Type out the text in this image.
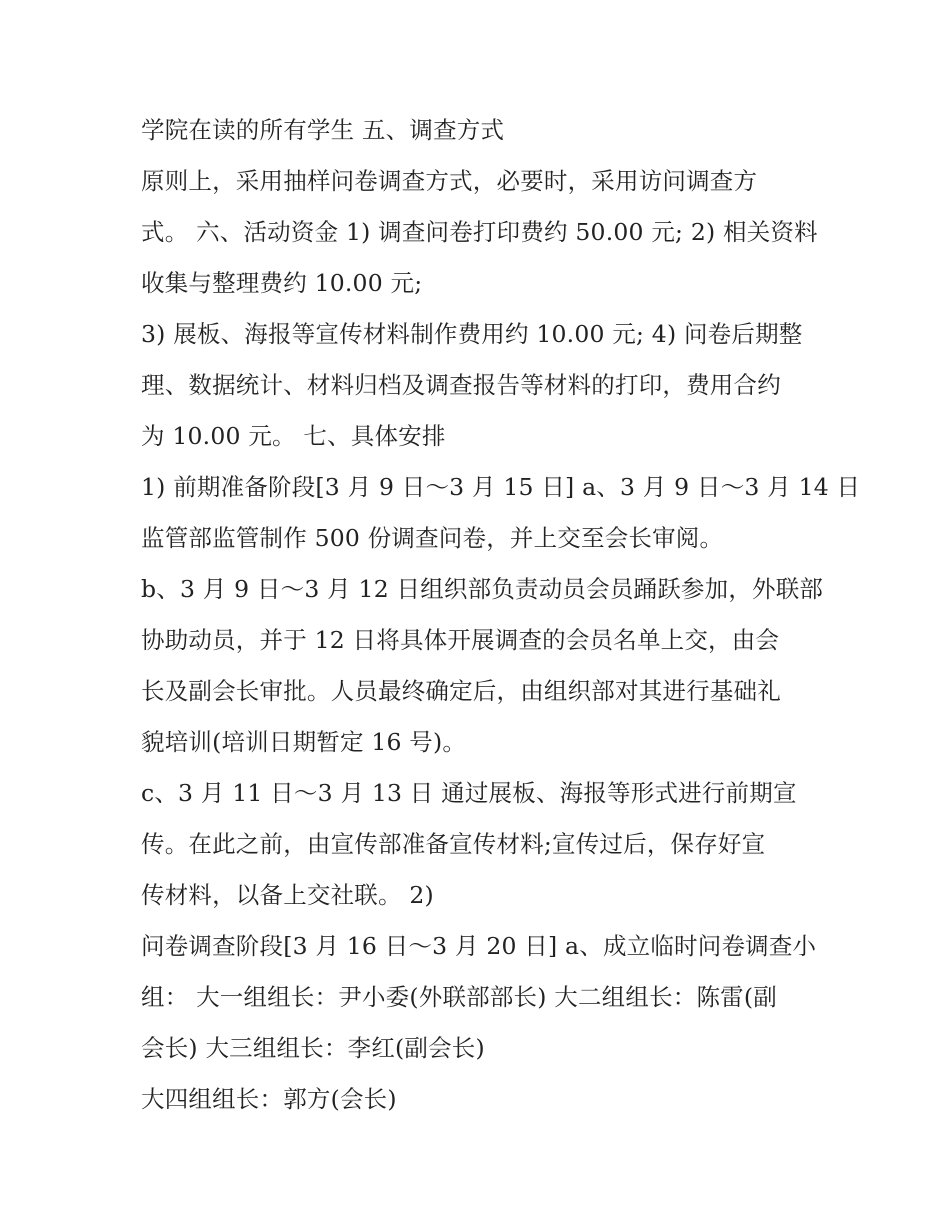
学院在读的所有学生 五、调查方式
原则上，采用抽样问卷调查方式，必要时，采用访问调查方
式。 六、活动资金 1) 调查问卷打印费约 50.00 元; 2) 相关资料
收集与整理费约 10.00 元;
3) 展板、海报等宣传材料制作费用约 10.00 元; 4) 问卷后期整
理、数据统计、材料归档及调查报告等材料的打印，费用合约
为 10.00 元。 七、具体安排
1) 前期准备阶段[3 月 9 日～3 月 15 日] a、3 月 9 日～3 月 14 日
监管部监管制作 500 份调查问卷，并上交至会长审阅。
b、3 月 9 日～3 月 12 日组织部负责动员会员踊跃参加，外联部
协助动员，并于 12 日将具体开展调查的会员名单上交，由会
长及副会长审批。人员最终确定后，由组织部对其进行基础礼
貌培训(培训日期暂定 16 号)。
c、3 月 11 日～3 月 13 日 通过展板、海报等形式进行前期宣
传。在此之前，由宣传部准备宣传材料;宣传过后，保存好宣
传材料，以备上交社联。 2)
问卷调查阶段[3 月 16 日～3 月 20 日] a、成立临时问卷调查小
组： 大一组组长：尹小委(外联部部长) 大二组组长：陈雷(副
会长) 大三组组长：李红(副会长)
大四组组长：郭方(会长)
